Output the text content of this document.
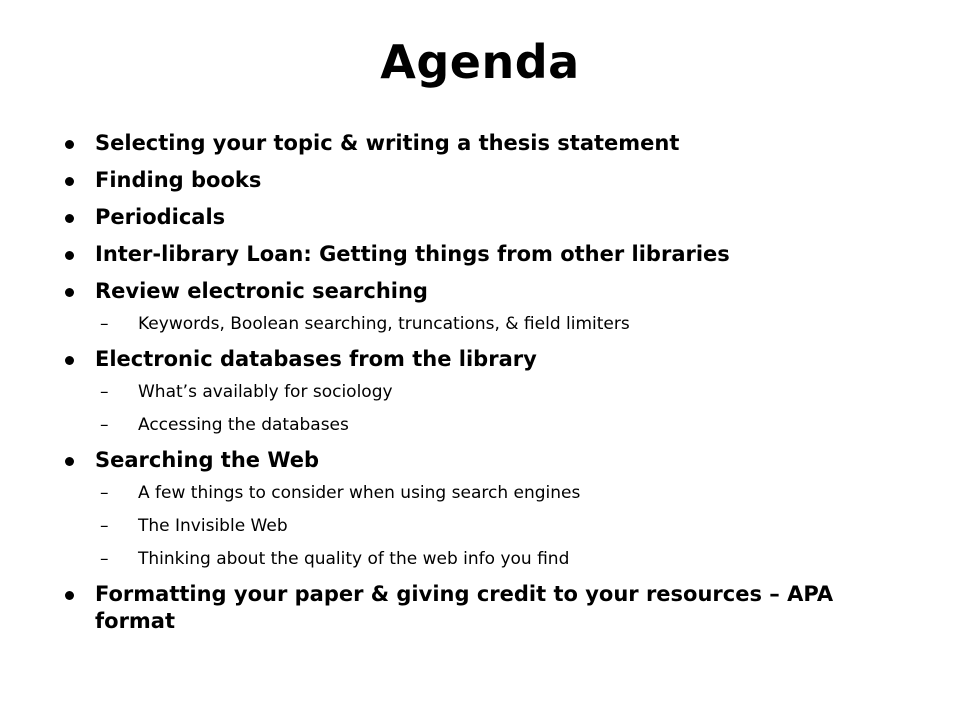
Agenda
Selecting your topic & writing a thesis statement
Finding books
Periodicals
Inter-library Loan: Getting things from other libraries
Review electronic searching
–	Keywords, Boolean searching, truncations, & field limiters
Electronic databases from the library
–	What’s availably for sociology
–	Accessing the databases
Searching the Web
–	A few things to consider when using search engines
–	The Invisible Web
–	Thinking about the quality of the web info you find
Formatting your paper & giving credit to your resources – APA format
